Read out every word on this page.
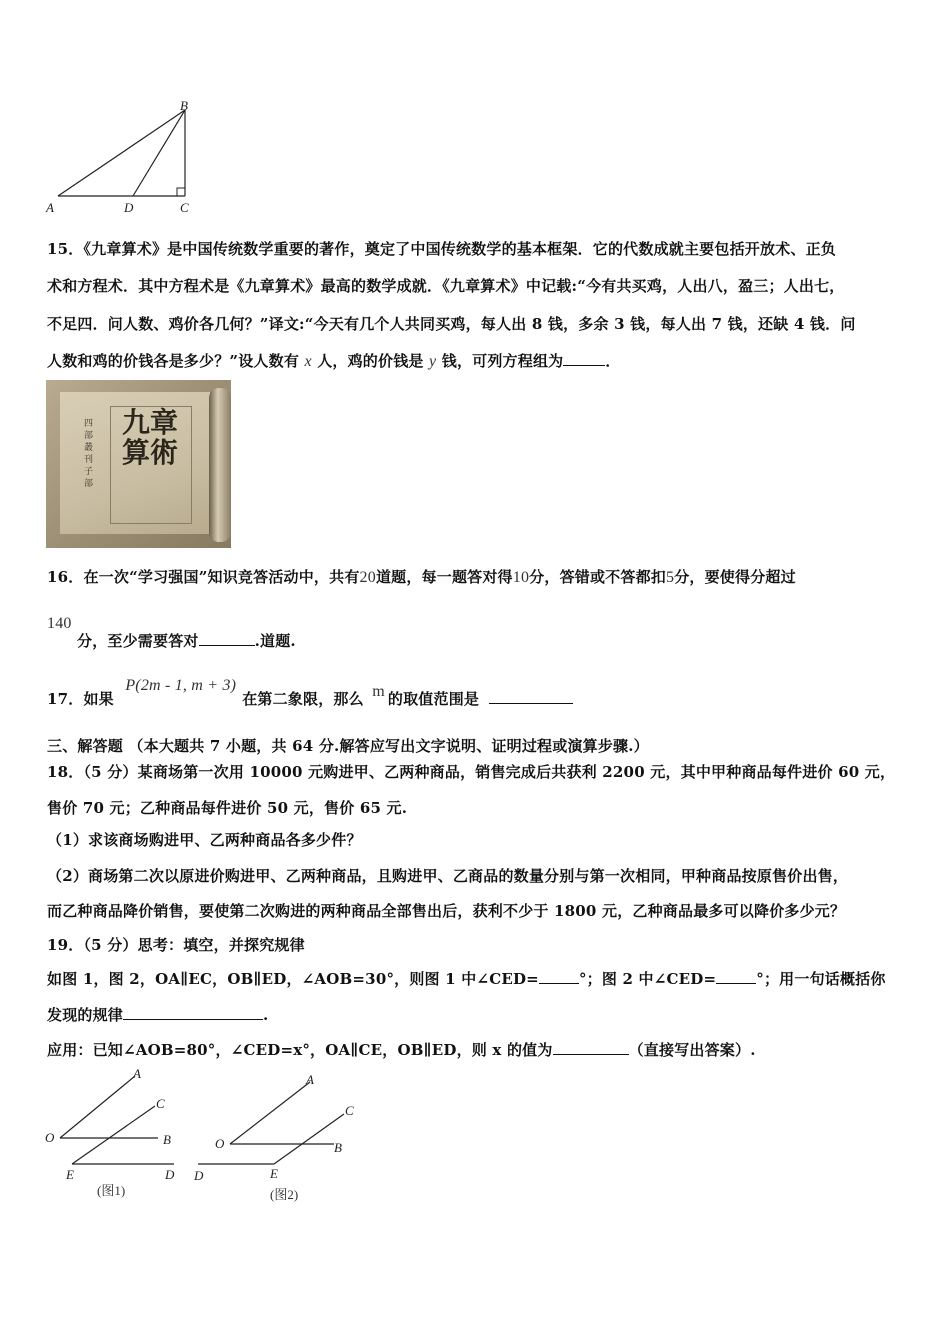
A	D	C
B
15．《九章算术》是中国传统数学重要的著作，奠定了中国传统数学的基本框架．它的代数成就主要包括开放术、正负
术和方程术．其中方程术是《九章算术》最高的数学成就．《九章算术》中记载:“今有共买鸡，人出八，盈三；人出七，
不足四．问人数、鸡价各几何？”译文:“今天有几个人共同买鸡，每人出 8 钱，多余 3 钱，每人出 7 钱，还缺 4 钱．问
人数和鸡的价钱各是多少？”设人数有 x 人，鸡的价钱是 y 钱，可列方程组为	．
四部叢刊子部
九章算術
16．在一次“学习强国”知识竞答活动中，共有20道题，每一题答对得10分，答错或不答都扣5分，要使得分超过
140
分，至少需要答对	.道题.
17．如果 P(2m - 1, m + 3)在第二象限，那么 m 的取值范围是
三、解答题 （本大题共 7 小题，共 64 分.解答应写出文字说明、证明过程或演算步骤.）
18．（5 分）某商场第一次用 10000 元购进甲、乙两种商品，销售完成后共获利 2200 元，其中甲种商品每件进价 60 元，
售价 70 元；乙种商品每件进价 50 元，售价 65 元.
（1）求该商场购进甲、乙两种商品各多少件？
（2）商场第二次以原进价购进甲、乙两种商品，且购进甲、乙商品的数量分别与第一次相同，甲种商品按原售价出售，
而乙种商品降价销售，要使第二次购进的两种商品全部售出后，获利不少于 1800 元，乙种商品最多可以降价多少元？
19．（5 分）思考：填空，并探究规律
如图 1，图 2，OA∥EC，OB∥ED，∠AOB=30°，则图 1 中∠CED=	°；图 2 中∠CED=	°；用一句话概括你
发现的规律	.
应用：已知∠AOB=80°，∠CED=x°，OA∥CE，OB∥ED，则 x 的值为	（直接写出答案）.
A
C
O	B
E	D
(图1)
A
C
O	B
D	E
(图2)
